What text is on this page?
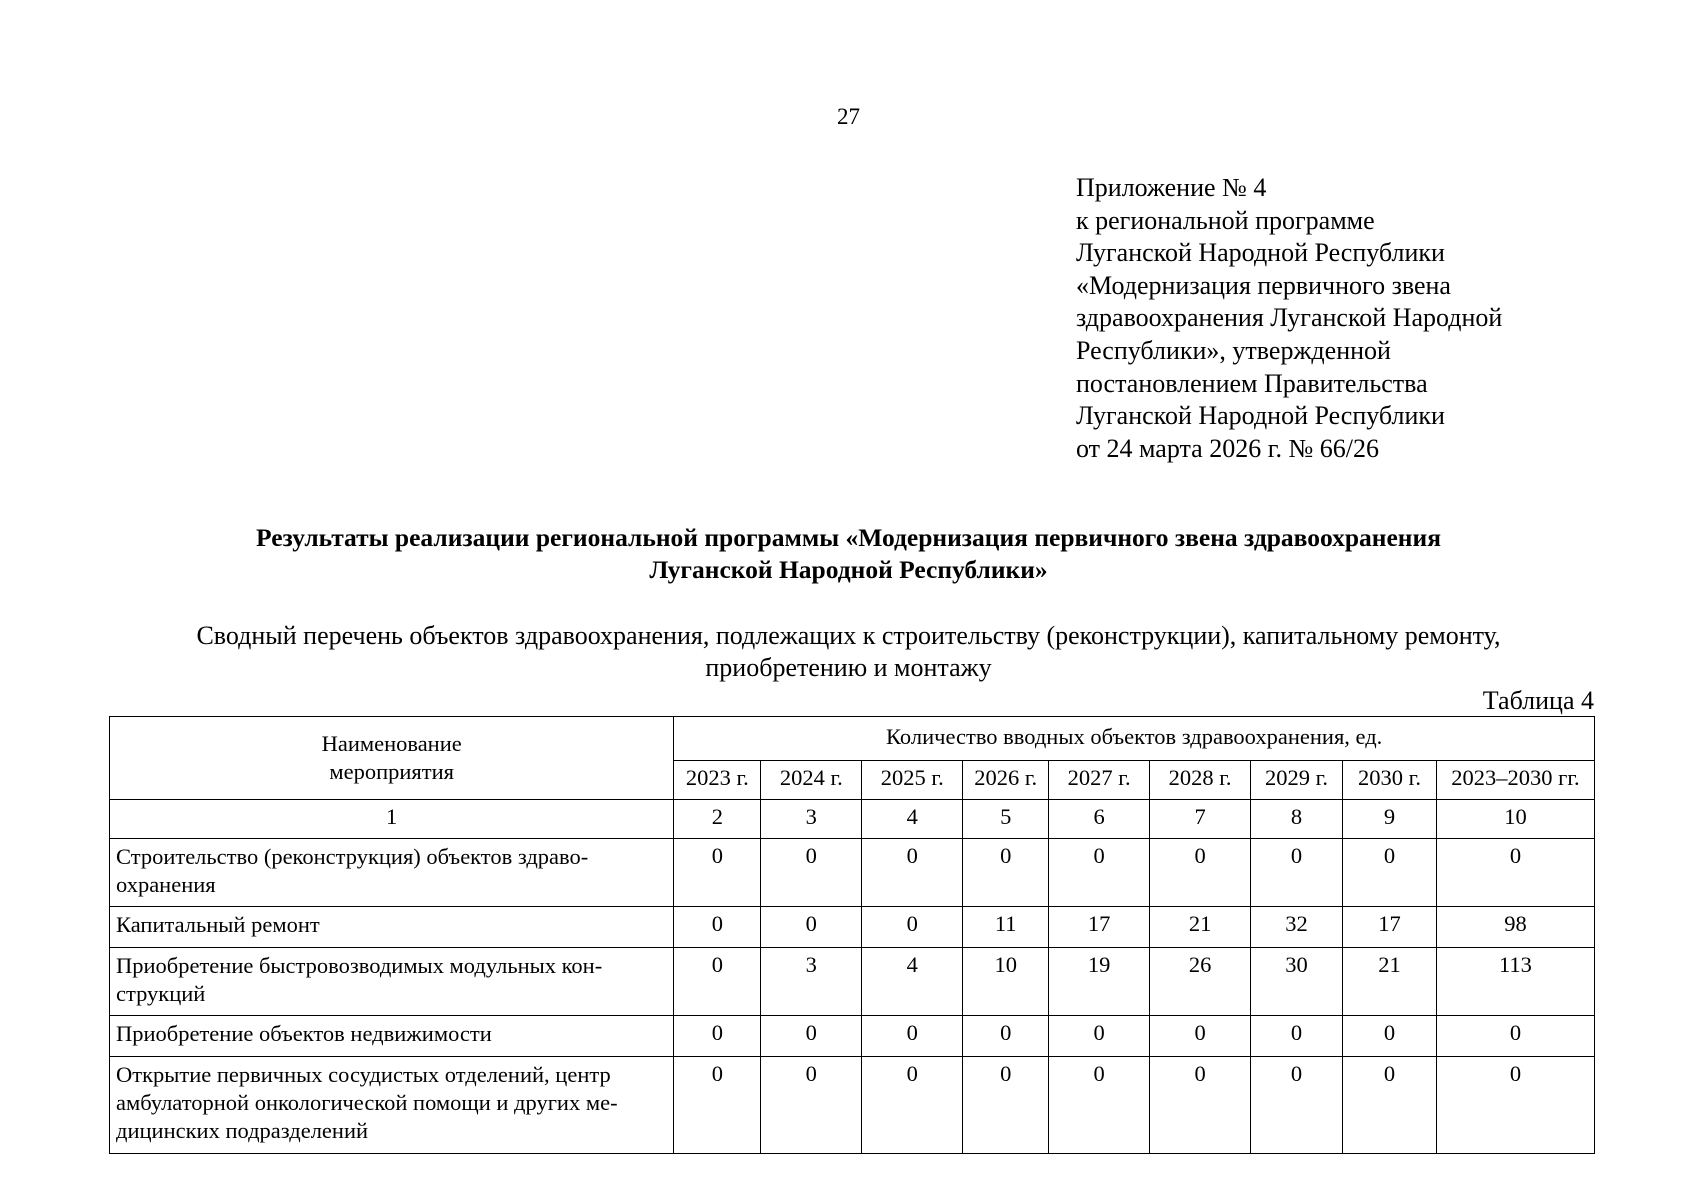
27
Приложение № 4
к региональной программе
Луганской Народной Республики
«Модернизация первичного звена
здравоохранения Луганской Народной
Республики», утвержденной
постановлением Правительства
Луганской Народной Республики
от 24 марта 2026 г. № 66/26
Результаты реализации региональной программы «Модернизация первичного звена здравоохранения
Луганской Народной Республики»
Сводный перечень объектов здравоохранения, подлежащих к строительству (реконструкции), капитальному ремонту,
приобретению и монтажу
Таблица 4
Наименование
мероприятия	Количество вводных объектов здравоохранения, ед.								
	2023 г.	2024 г.	2025 г.	2026 г.	2027 г.	2028 г.	2029 г.	2030 г.	2023–2030 гг.
1	2	3	4	5	6	7	8	9	10

Строительство (реконструкция) объектов здраво-
охранения	0	0	0	0	0	0	0	0	0

Капитальный ремонт	0	0	0	11	17	21	32	17	98

Приобретение быстровозводимых модульных кон-
струкций	0	3	4	10	19	26	30	21	113

Приобретение объектов недвижимости	0	0	0	0	0	0	0	0	0

Открытие первичных сосудистых отделений, центр
амбулаторной онкологической помощи и других ме-
дицинских подразделений	0	0	0	0	0	0	0	0	0
